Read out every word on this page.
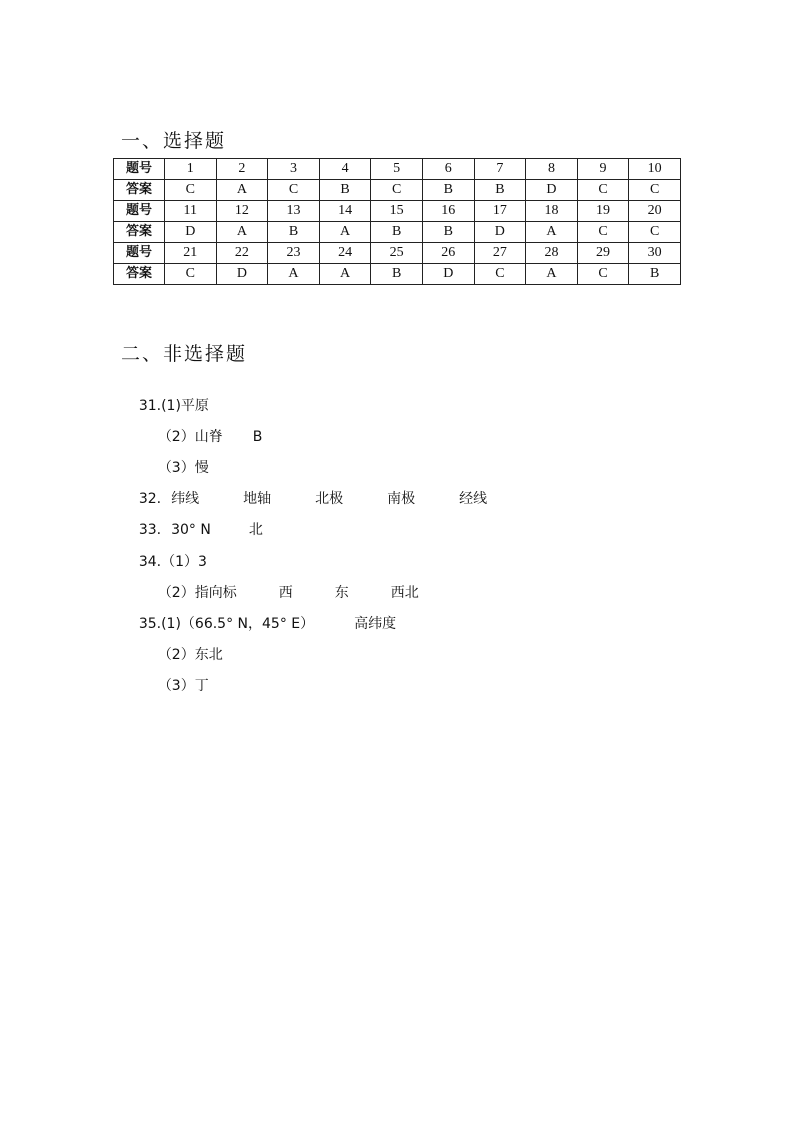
一、选择题
题号	1	2	3	4	5	6	7	8	9	10
答案	C	A	C	B	C	B	B	D	C	C
题号	11	12	13	14	15	16	17	18	19	20
答案	D	A	B	A	B	B	D	A	C	C
题号	21	22	23	24	25	26	27	28	29	30
答案	C	D	A	A	B	D	C	A	C	B
二、非选择题

31.(1)平原

（2）山脊 B

（3）慢

32. 纬线	地轴	北极	南极	经线

33. 30° N	北

34.（1）3

（2）指向标	西	东	西北

35.(1)（66.5° N，45° E）	高纬度

（2）东北

（3）丁
